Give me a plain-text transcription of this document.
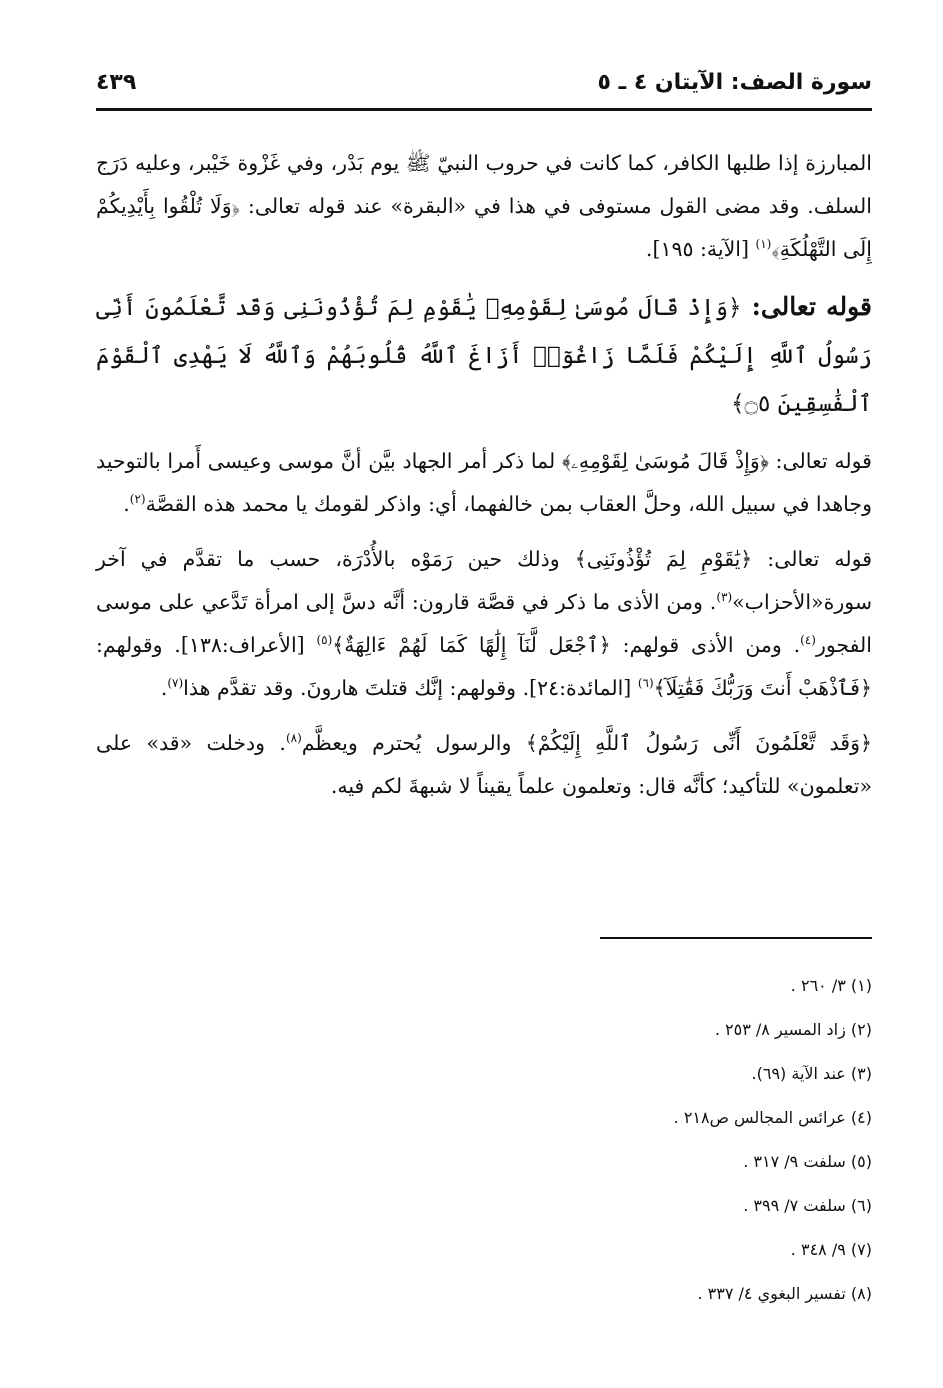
سورة الصف: الآيتان ٤ ـ ٥
٤٣٩

المبارزة إذا طلبها الكافر، كما كانت في حروب النبيّ ﷺ يوم بَدْر، وفي غَزْوة خَيْبر، وعليه دَرَج السلف. وقد مضى القول مستوفى في هذا في «البقرة» عند قوله تعالى: ﴿وَلَا تُلْقُوا بِأَيْدِيكُمْ إِلَى التَّهْلُكَةِ﴾$^{(١)}$ [الآية: ١٩٥].

قوله تعالى: ﴿وَإِذْ قَالَ مُوسَىٰ لِقَوْمِهِۦ يَٰقَوْمِ لِمَ تُؤْذُونَنِى وَقَد تَّعْلَمُونَ أَنِّى رَسُولُ ٱللَّهِ إِلَيْكُمْ فَلَمَّا زَاغُوٓا۟ أَزَاغَ ٱللَّهُ قُلُوبَهُمْ وَٱللَّهُ لَا يَهْدِى ٱلْقَوْمَ ٱلْفَٰسِقِينَ ۝٥﴾

قوله تعالى: ﴿وَإِذْ قَالَ مُوسَىٰ لِقَوْمِهِۦ﴾ لما ذكر أمر الجهاد بيَّن أنَّ موسى وعيسى أَمرا بالتوحيد وجاهدا في سبيل الله، وحلَّ العقاب بمن خالفهما، أي: واذكر لقومك يا محمد هذه القصَّة$^{(٢)}$.

قوله تعالى: ﴿يَٰقَوْمِ لِمَ تُؤْذُونَنِى﴾ وذلك حين رَمَوْه بالأُدْرَة، حسب ما تقدَّم في آخر سورة«الأحزاب»$^{(٣)}$. ومن الأذى ما ذكر في قصَّة قارون: أنَّه دسَّ إلى امرأة تَدَّعي على موسى الفجور$^{(٤)}$. ومن الأذى قولهم: ﴿ٱجْعَل لَّنَآ إِلَٰهًا كَمَا لَهُمْ ءَالِهَةٌ﴾$^{(٥)}$ [الأعراف:١٣٨]. وقولهم: ﴿فَٱذْهَبْ أَنتَ وَرَبُّكَ فَقَٰتِلَآ﴾$^{(٦)}$ [المائدة:٢٤]. وقولهم: إنَّك قتلتَ هارونَ. وقد تقدَّم هذا$^{(٧)}$.

﴿وَقَد تَّعْلَمُونَ أَنِّى رَسُولُ ٱللَّهِ إِلَيْكُمْ﴾ والرسول يُحترم ويعظَّم$^{(٨)}$. ودخلت «قد» على «تعلمون» للتأكيد؛ كأنَّه قال: وتعلمون علماً يقيناً لا شبهةَ لكم فيه.

(١) ٣/ ٢٦٠ .

(٢) زاد المسير ٨/ ٢٥٣ .

(٣) عند الآية (٦٩).

(٤) عرائس المجالس ص٢١٨ .

(٥) سلفت ٩/ ٣١٧ .

(٦) سلفت ٧/ ٣٩٩ .

(٧) ٩/ ٣٤٨ .

(٨) تفسير البغوي ٤/ ٣٣٧ .
